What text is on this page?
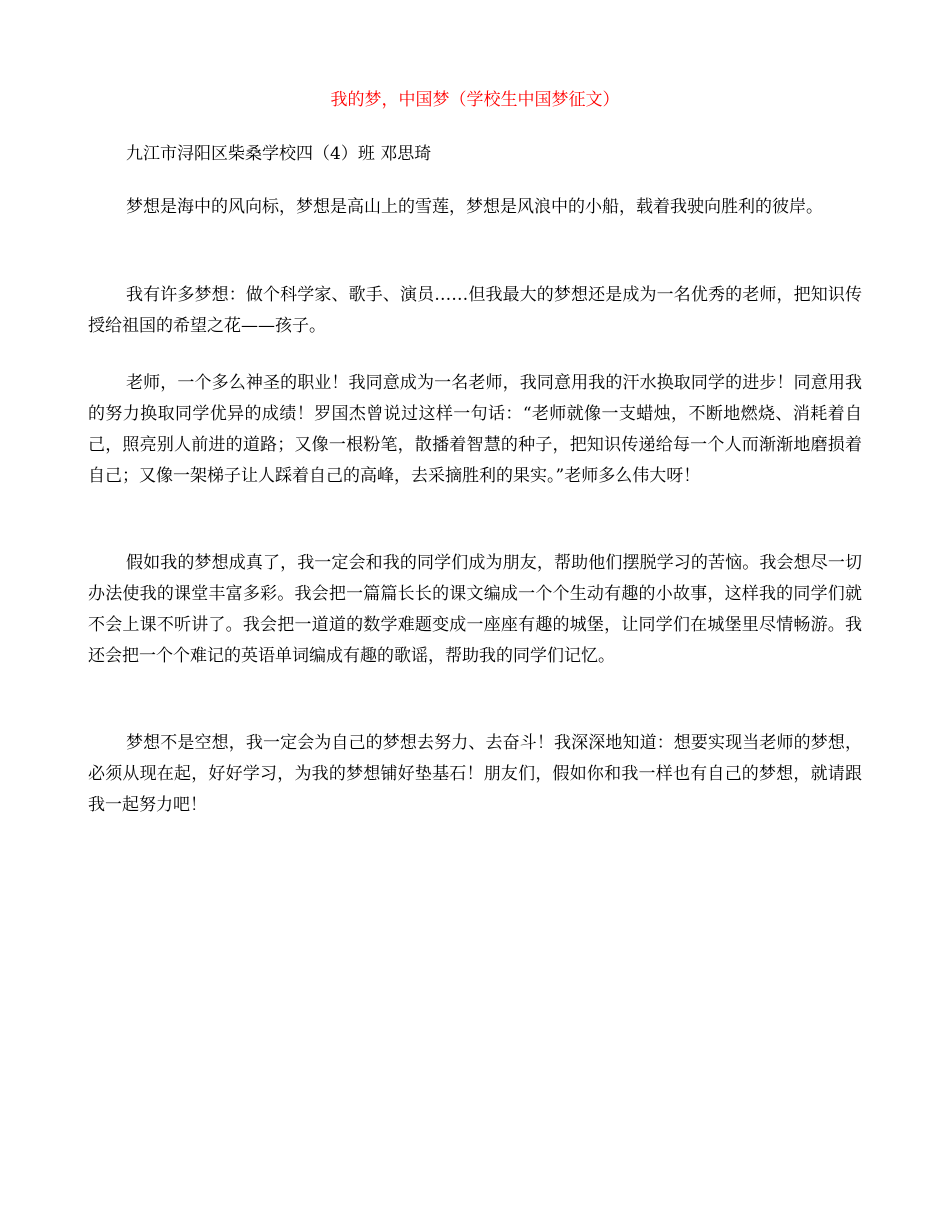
我的梦，中国梦（学校生中国梦征文）
九江市浔阳区柴桑学校四（4）班 邓思琦

梦想是海中的风向标，梦想是高山上的雪莲，梦想是风浪中的小船，载着我驶向胜利的彼岸。

我有许多梦想：做个科学家、歌手、演员……但我最大的梦想还是成为一名优秀的老师，把知识传授给祖国的希望之花——孩子。

老师，一个多么神圣的职业！我同意成为一名老师，我同意用我的汗水换取同学的进步！同意用我的努力换取同学优异的成绩！罗国杰曾说过这样一句话：“老师就像一支蜡烛，不断地燃烧、消耗着自己，照亮别人前进的道路；又像一根粉笔，散播着智慧的种子，把知识传递给每一个人而渐渐地磨损着自己；又像一架梯子让人踩着自己的高峰，去采摘胜利的果实。”老师多么伟大呀！

假如我的梦想成真了，我一定会和我的同学们成为朋友，帮助他们摆脱学习的苦恼。我会想尽一切办法使我的课堂丰富多彩。我会把一篇篇长长的课文编成一个个生动有趣的小故事，这样我的同学们就不会上课不听讲了。我会把一道道的数学难题变成一座座有趣的城堡，让同学们在城堡里尽情畅游。我还会把一个个难记的英语单词编成有趣的歌谣，帮助我的同学们记忆。

梦想不是空想，我一定会为自己的梦想去努力、去奋斗！我深深地知道：想要实现当老师的梦想，必须从现在起，好好学习，为我的梦想铺好垫基石！朋友们，假如你和我一样也有自己的梦想，就请跟我一起努力吧！
